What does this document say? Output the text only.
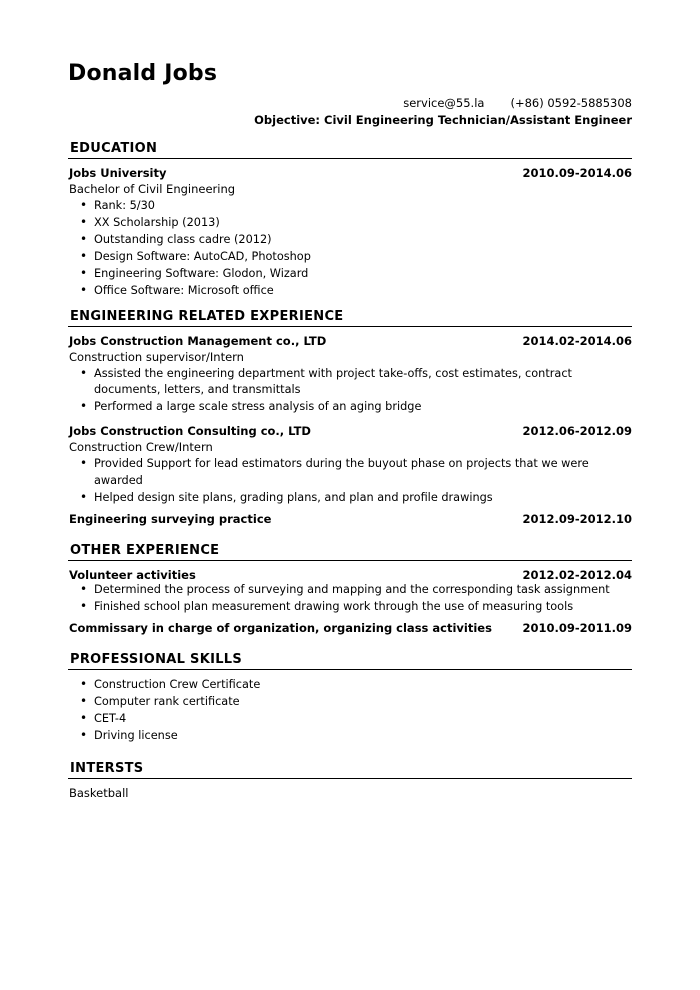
Donald Jobs
service@55.la (+86) 0592-5885308
Objective: Civil Engineering Technician/Assistant Engineer
EDUCATION
Jobs University	2010.09-2014.06
Bachelor of Civil Engineering
• Rank: 5/30
• XX Scholarship (2013)
• Outstanding class cadre (2012)
• Design Software: AutoCAD, Photoshop
• Engineering Software: Glodon, Wizard
• Office Software: Microsoft office
ENGINEERING RELATED EXPERIENCE
Jobs Construction Management co., LTD	2014.02-2014.06
Construction supervisor/Intern
• Assisted the engineering department with project take-offs, cost estimates, contract documents, letters, and transmittals
• Performed a large scale stress analysis of an aging bridge
Jobs Construction Consulting co., LTD	2012.06-2012.09
Construction Crew/Intern
• Provided Support for lead estimators during the buyout phase on projects that we were awarded
• Helped design site plans, grading plans, and plan and profile drawings
Engineering surveying practice	2012.09-2012.10
OTHER EXPERIENCE
Volunteer activities	2012.02-2012.04
• Determined the process of surveying and mapping and the corresponding task assignment
• Finished school plan measurement drawing work through the use of measuring tools
Commissary in charge of organization, organizing class activities	2010.09-2011.09
PROFESSIONAL SKILLS
• Construction Crew Certificate
• Computer rank certificate
• CET-4
• Driving license
INTERSTS
Basketball
